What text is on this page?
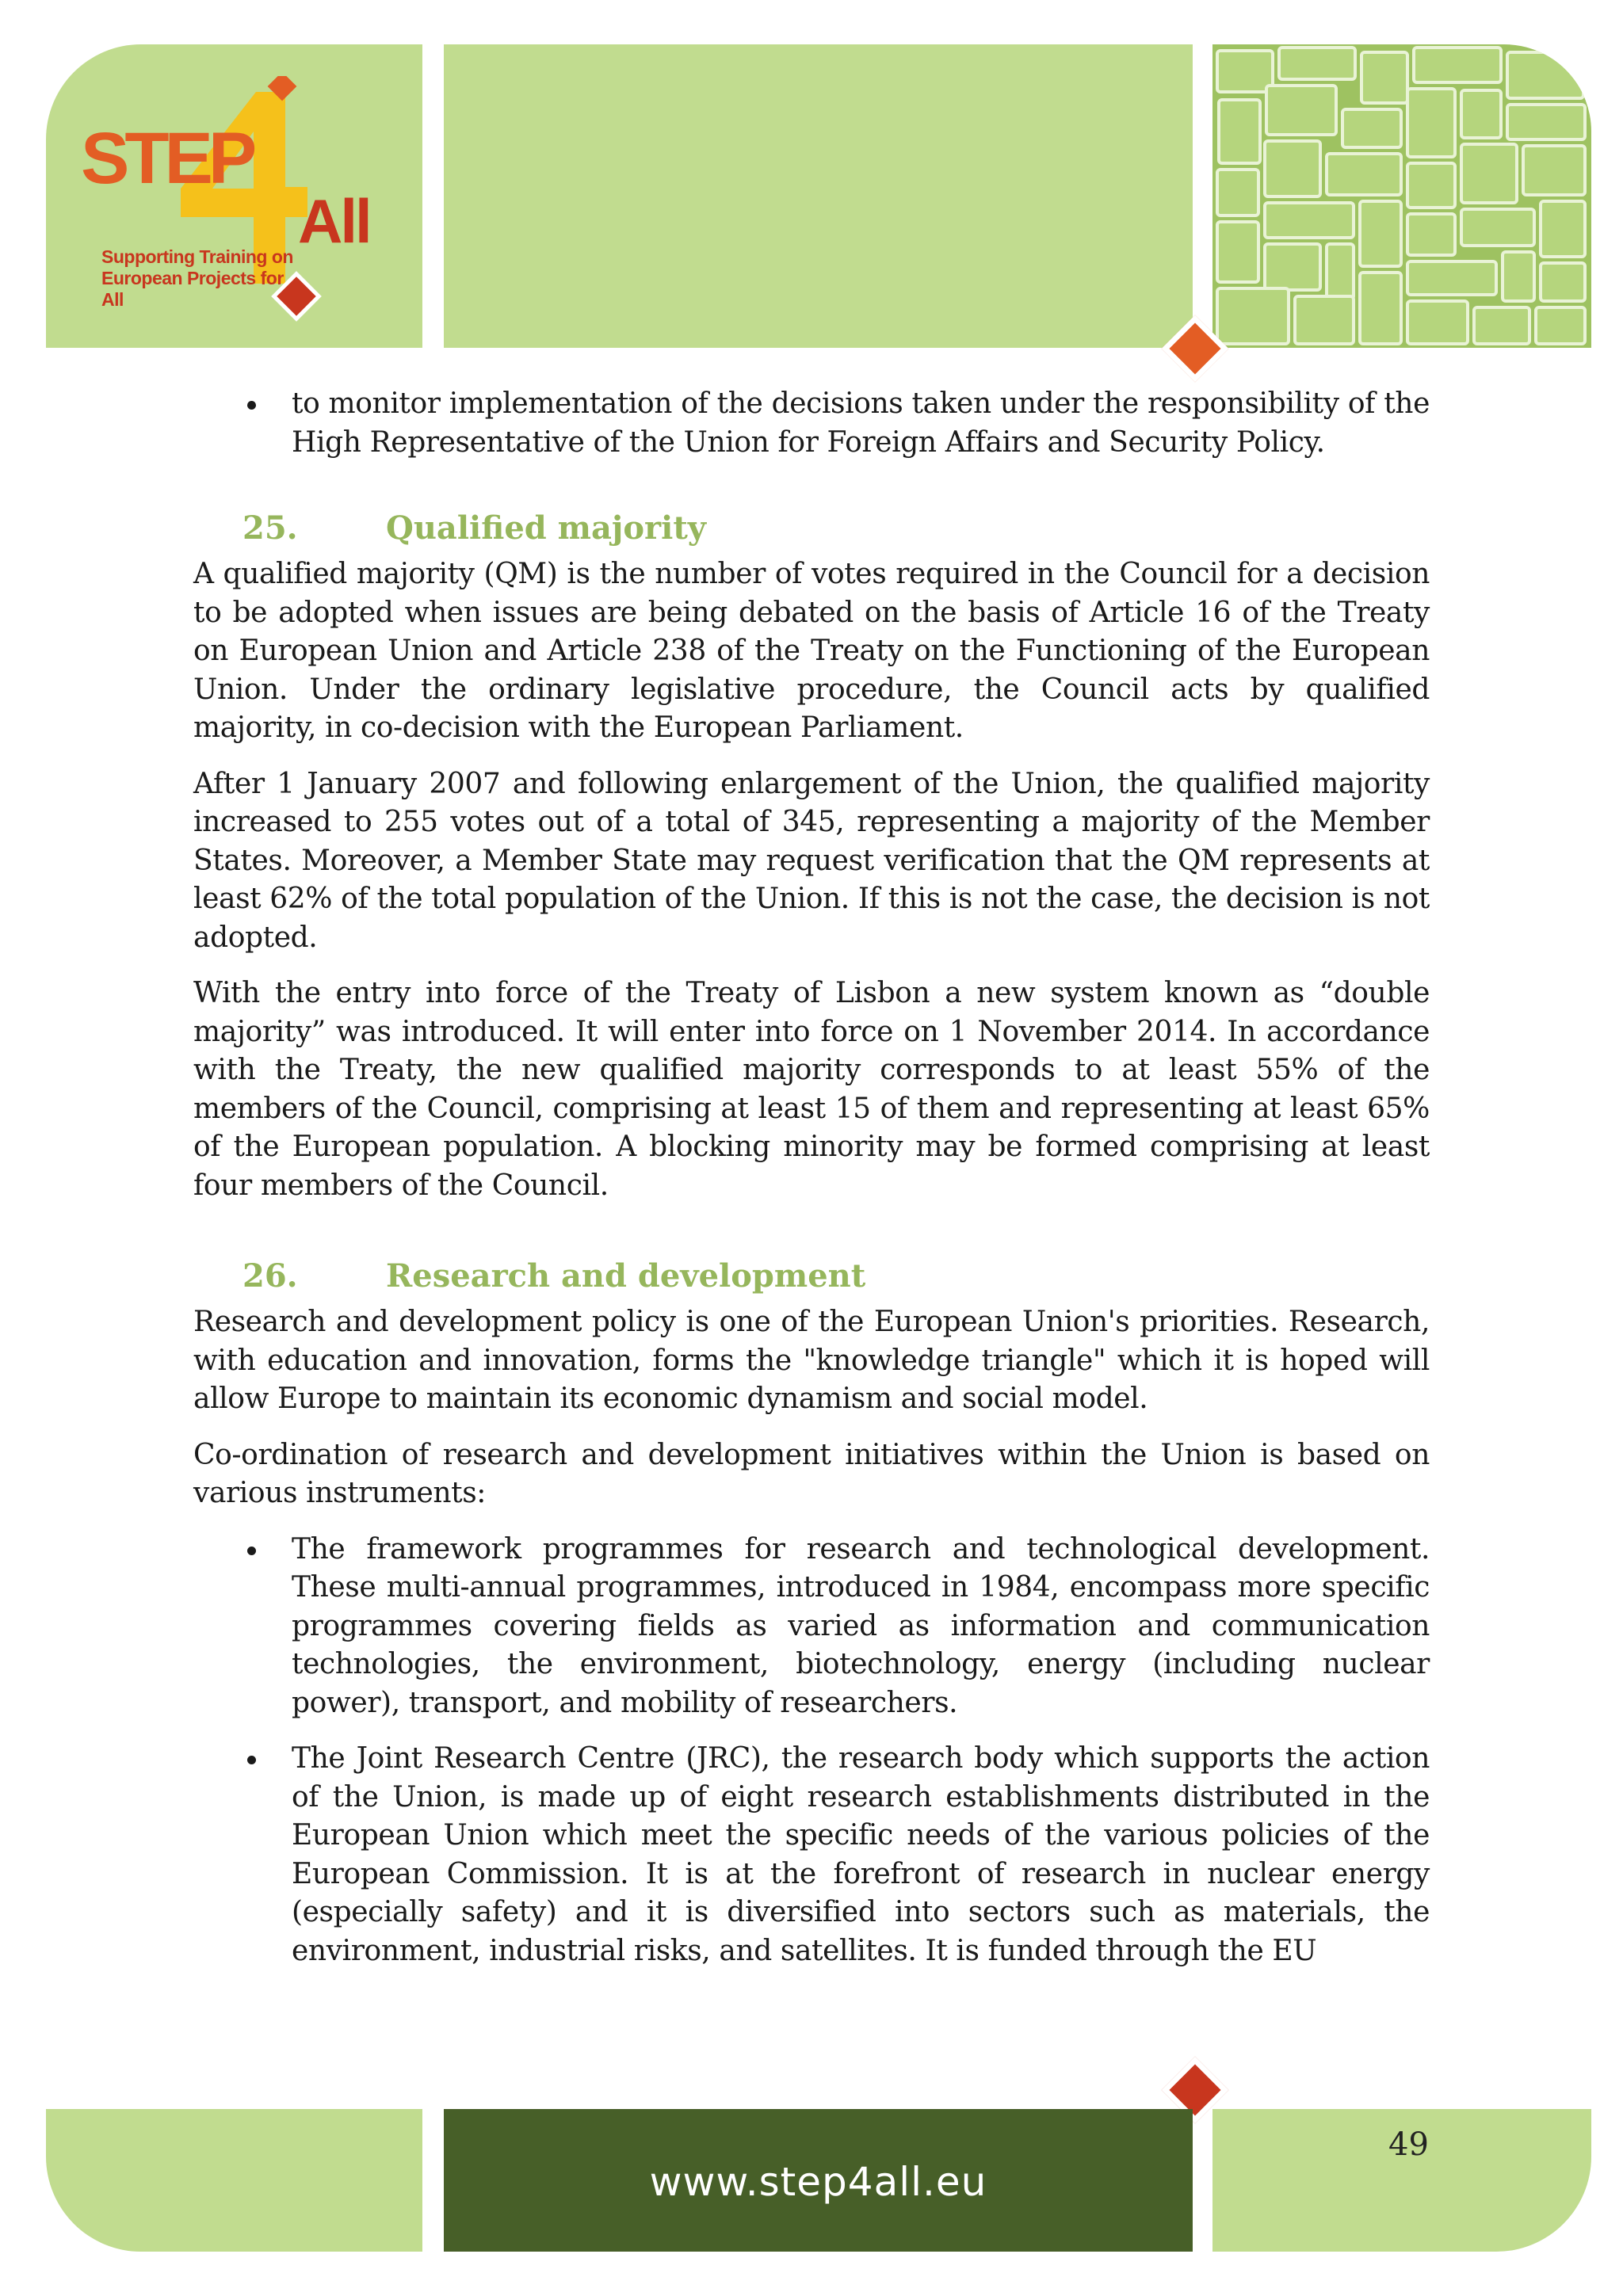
STEP
All
Supporting Training on
European Projects for All
to monitor implementation of the decisions taken under the responsibility of the High Representative of the Union for Foreign Affairs and Security Policy.
25.	Qualified majority

A qualified majority (QM) is the number of votes required in the Council for a decision to be adopted when issues are being debated on the basis of Article 16 of the Treaty on European Union and Article 238 of the Treaty on the Functioning of the European Union. Under the ordinary legislative procedure, the Council acts by qualified majority, in co-decision with the European Parliament.

After 1 January 2007 and following enlargement of the Union, the qualified majority increased to 255 votes out of a total of 345, representing a majority of the Member States. Moreover, a Member State may request verification that the QM represents at least 62% of the total population of the Union. If this is not the case, the decision is not adopted.

With the entry into force of the Treaty of Lisbon a new system known as “double majority” was introduced. It will enter into force on 1 November 2014. In accordance with the Treaty, the new qualified majority corresponds to at least 55% of the members of the Council, comprising at least 15 of them and representing at least 65% of the European population. A blocking minority may be formed comprising at least four members of the Council.

26.	Research and development

Research and development policy is one of the European Union's priorities. Research, with education and innovation, forms the "knowledge triangle" which it is hoped will allow Europe to maintain its economic dynamism and social model.

Co-ordination of research and development initiatives within the Union is based on various instruments:

The framework programmes for research and technological development. These multi-annual programmes, introduced in 1984, encompass more specific programmes covering fields as varied as information and communication technologies, the environment, biotechnology, energy (including nuclear power), transport, and mobility of researchers.
The Joint Research Centre (JRC), the research body which supports the action of the Union, is made up of eight research establishments distributed in the European Union which meet the specific needs of the various policies of the European Commission. It is at the forefront of research in nuclear energy (especially safety) and it is diversified into sectors such as materials, the environment, industrial risks, and satellites. It is funded through the EU
www.step4all.eu
49
